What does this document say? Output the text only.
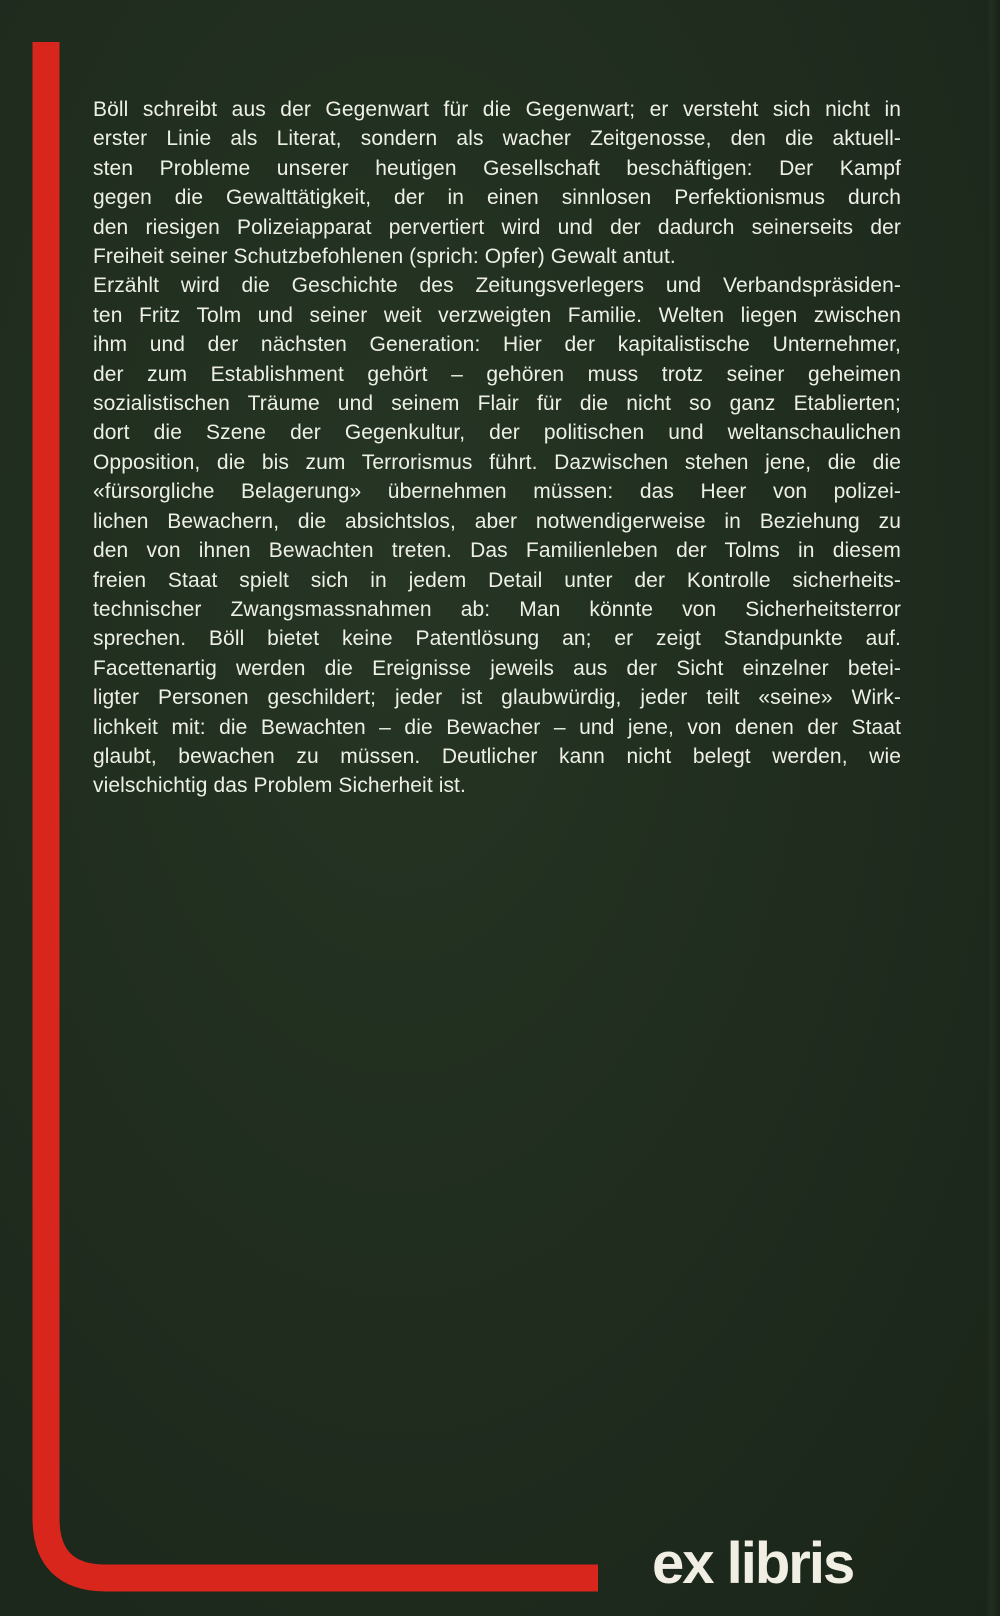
Böll schreibt aus der Gegenwart für die Gegenwart; er versteht sich nicht in
erster Linie als Literat, sondern als wacher Zeitgenosse, den die aktuell-
sten Probleme unserer heutigen Gesellschaft beschäftigen: Der Kampf
gegen die Gewalttätigkeit, der in einen sinnlosen Perfektionismus durch
den riesigen Polizeiapparat pervertiert wird und der dadurch seinerseits der
Freiheit seiner Schutzbefohlenen (sprich: Opfer) Gewalt antut.
Erzählt wird die Geschichte des Zeitungsverlegers und Verbandspräsiden-
ten Fritz Tolm und seiner weit verzweigten Familie. Welten liegen zwischen
ihm und der nächsten Generation: Hier der kapitalistische Unternehmer,
der zum Establishment gehört – gehören muss trotz seiner geheimen
sozialistischen Träume und seinem Flair für die nicht so ganz Etablierten;
dort die Szene der Gegenkultur, der politischen und weltanschaulichen
Opposition, die bis zum Terrorismus führt. Dazwischen stehen jene, die die
«fürsorgliche Belagerung» übernehmen müssen: das Heer von polizei-
lichen Bewachern, die absichtslos, aber notwendigerweise in Beziehung zu
den von ihnen Bewachten treten. Das Familienleben der Tolms in diesem
freien Staat spielt sich in jedem Detail unter der Kontrolle sicherheits-
technischer Zwangsmassnahmen ab: Man könnte von Sicherheitsterror
sprechen. Böll bietet keine Patentlösung an; er zeigt Standpunkte auf.
Facettenartig werden die Ereignisse jeweils aus der Sicht einzelner betei-
ligter Personen geschildert; jeder ist glaubwürdig, jeder teilt «seine» Wirk-
lichkeit mit: die Bewachten – die Bewacher – und jene, von denen der Staat
glaubt, bewachen zu müssen. Deutlicher kann nicht belegt werden, wie
vielschichtig das Problem Sicherheit ist.
ex libris
